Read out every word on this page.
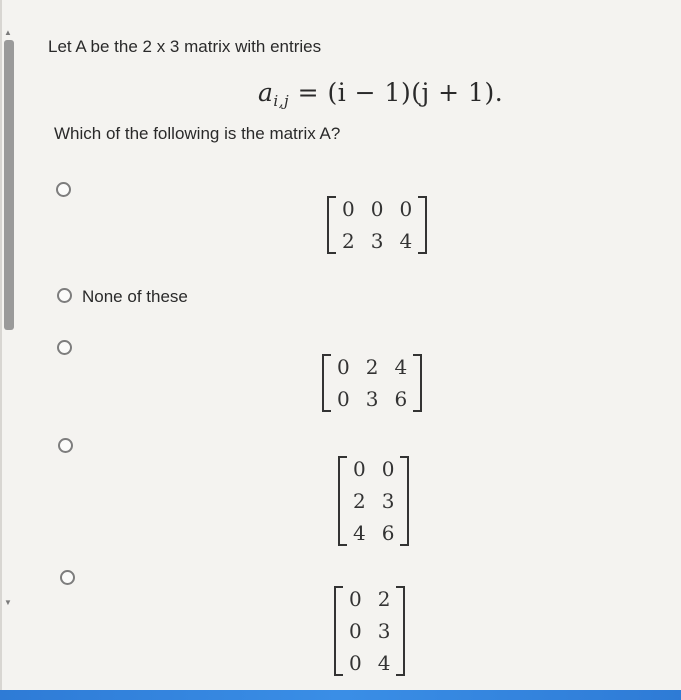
▲
▼
Let A be the 2 x 3 matrix with entries
$a_{i,j} = (i - 1)(j + 1)$.
Which of the following is the matrix A?
0 0 0
2 3 4
None of these
0 2 4
0 3 6
0 0
2 3
4 6
0 2
0 3
0 4
